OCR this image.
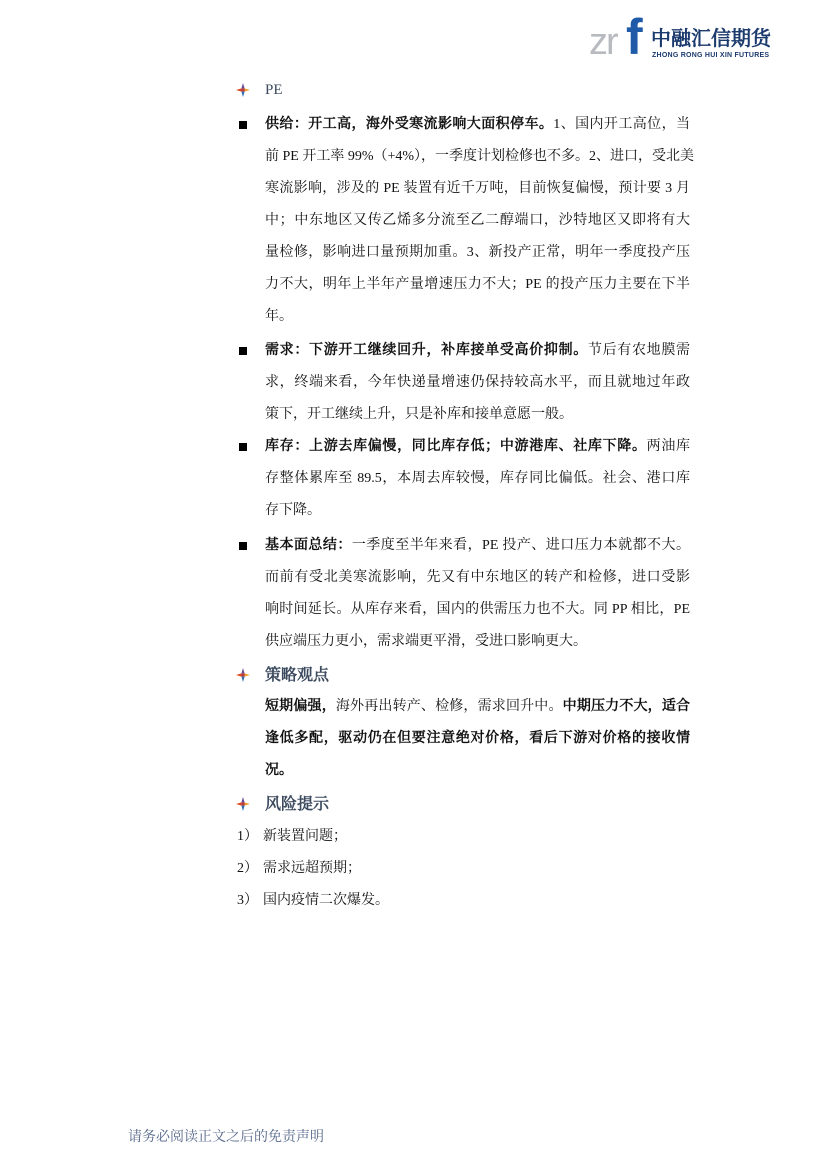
zr f 中融汇信期货
ZHONG RONG HUI XIN FUTURES
PE
供给：开工高，海外受寒流影响大面积停车。1、国内开工高位，当
前 PE 开工率 99%（+4%），一季度计划检修也不多。2、进口，受北美
寒流影响，涉及的 PE 装置有近千万吨，目前恢复偏慢，预计要 3 月
中；中东地区又传乙烯多分流至乙二醇端口，沙特地区又即将有大
量检修，影响进口量预期加重。3、新投产正常，明年一季度投产压
力不大，明年上半年产量增速压力不大；PE 的投产压力主要在下半
年。
需求：下游开工继续回升，补库接单受高价抑制。节后有农地膜需
求，终端来看，今年快递量增速仍保持较高水平，而且就地过年政
策下，开工继续上升，只是补库和接单意愿一般。
库存：上游去库偏慢，同比库存低；中游港库、社库下降。两油库
存整体累库至 89.5，本周去库较慢，库存同比偏低。社会、港口库
存下降。
基本面总结：一季度至半年来看，PE 投产、进口压力本就都不大。
而前有受北美寒流影响，先又有中东地区的转产和检修，进口受影
响时间延长。从库存来看，国内的供需压力也不大。同 PP 相比，PE
供应端压力更小，需求端更平滑，受进口影响更大。
策略观点
短期偏强，海外再出转产、检修，需求回升中。中期压力不大，适合
逢低多配，驱动仍在但要注意绝对价格，看后下游对价格的接收情
况。
风险提示
1） 新装置问题；
2） 需求远超预期；
3） 国内疫情二次爆发。
请务必阅读正文之后的免责声明
